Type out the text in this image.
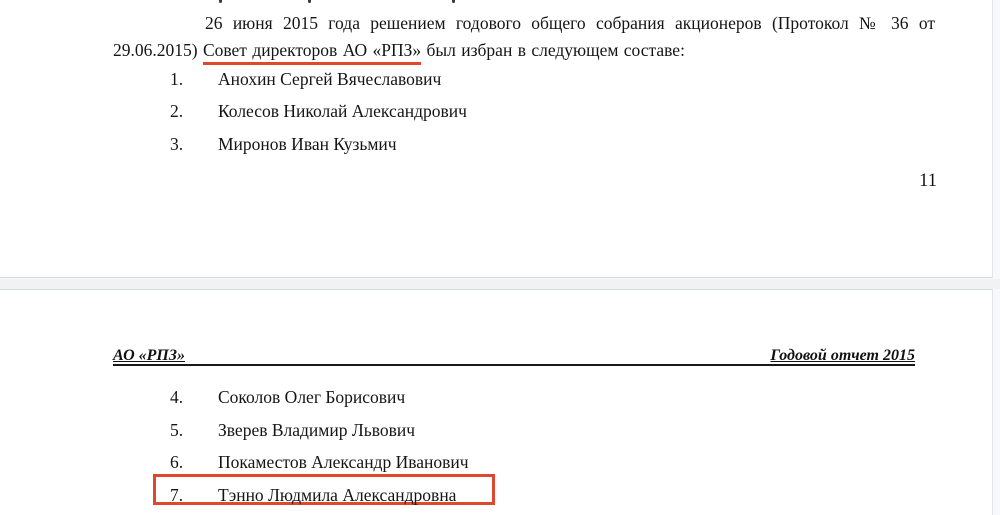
26 июня 2015 года решением годового общего собрания акционеров (Протокол № 36 от
29.06.2015) Совет директоров АО «РПЗ» был избран в следующем составе:
1. Анохин Сергей Вячеславович
2. Колесов Николай Александрович
3. Миронов Иван Кузьмич
11
АО «РПЗ»	Годовой отчет 2015
4. Соколов Олег Борисович
5. Зверев Владимир Львович
6. Покаместов Александр Иванович
7. Тэнно Людмила Александровна
